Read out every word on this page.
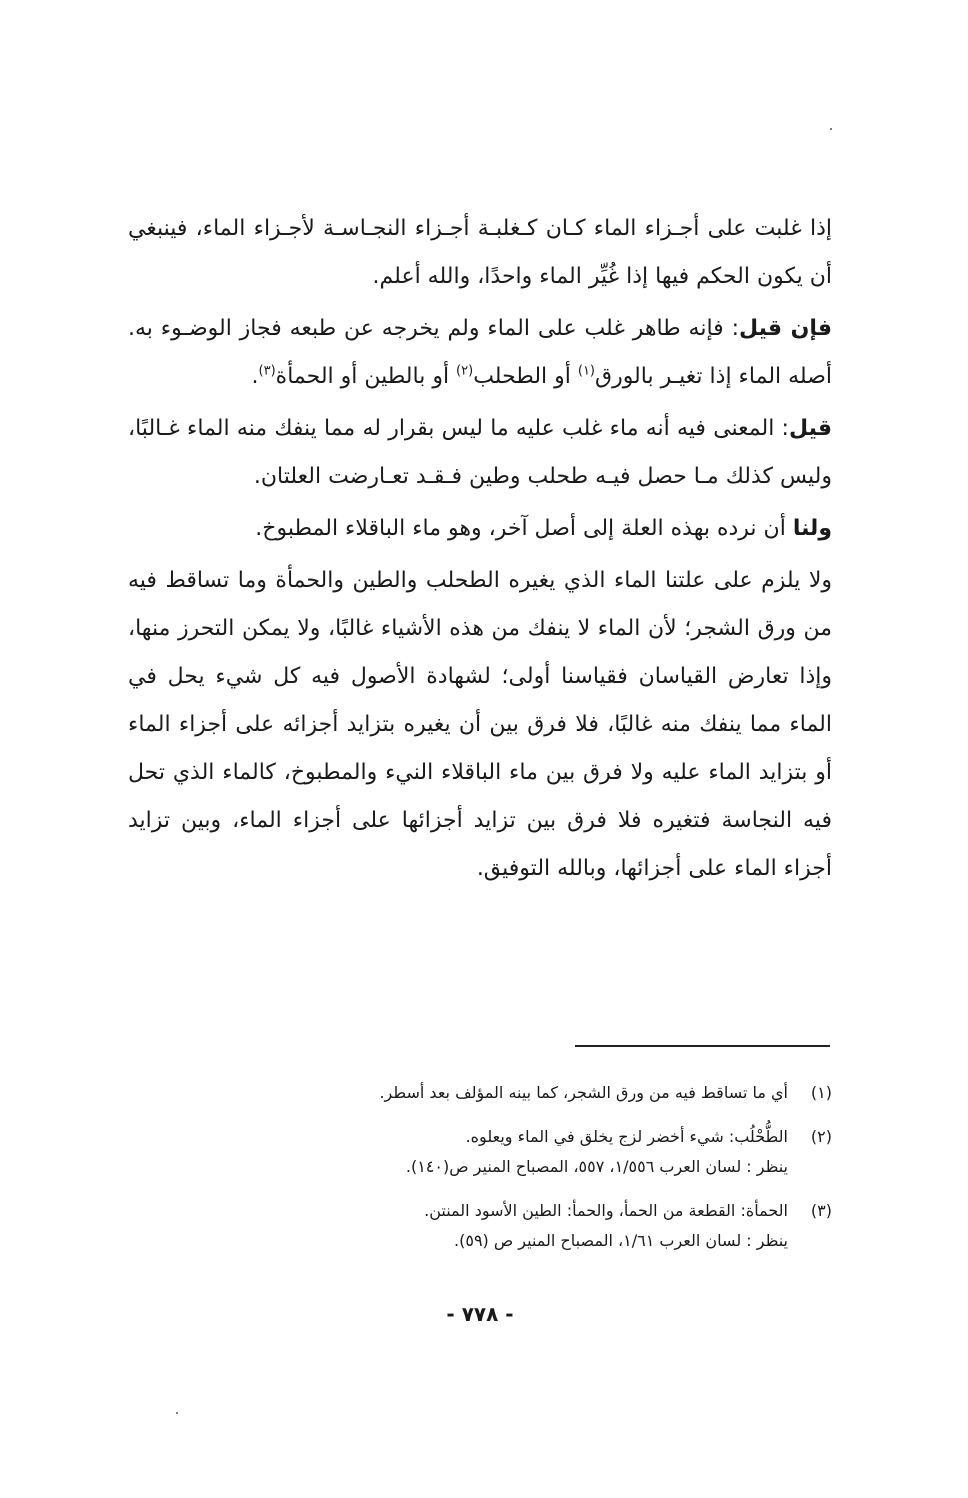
إذا غلبت على أجـزاء الماء كـان كـغلبـة أجـزاء النجـاسـة لأجـزاء الماء، فينبغي أن يكون الحكم فيها إذا غُيِّر الماء واحدًا، والله أعلم.

فإن قيل: فإنه طاهر غلب على الماء ولم يخرجه عن طبعه فجاز الوضـوء به. أصله الماء إذا تغيـر بالورق$^{(١)}$ أو الطحلب$^{(٢)}$ أو بالطين أو الحمأة$^{(٣)}$.

قيل: المعنى فيه أنه ماء غلب عليه ما ليس بقرار له مما ينفك منه الماء غـالبًا، وليس كذلك مـا حصل فيـه طحلب وطين فـقـد تعـارضت العلتان.

ولنا أن نرده بهذه العلة إلى أصل آخر، وهو ماء الباقلاء المطبوخ.

ولا يلزم على علتنا الماء الذي يغيره الطحلب والطين والحمأة وما تساقط فيه من ورق الشجر؛ لأن الماء لا ينفك من هذه الأشياء غالبًا، ولا يمكن التحرز منها، وإذا تعارض القياسان فقياسنا أولى؛ لشهادة الأصول فيه كل شيء يحل في الماء مما ينفك منه غالبًا، فلا فرق بين أن يغيره بتزايد أجزائه على أجزاء الماء أو بتزايد الماء عليه ولا فرق بين ماء الباقلاء النيء والمطبوخ، كالماء الذي تحل فيه النجاسة فتغيره فلا فرق بين تزايد أجزائها على أجزاء الماء، وبين تزايد أجزاء الماء على أجزائها، وبالله التوفيق.

(١)
أي ما تساقط فيه من ورق الشجر، كما بينه المؤلف بعد أسطر.
(٢)
الطُّحْلُب: شيء أخضر لزج يخلق في الماء ويعلوه.
ينظر : لسان العرب ١/٥٥٦، ٥٥٧، المصباح المنير ص(١٤٠).
(٣)
الحمأة: القطعة من الحمأ، والحمأ: الطين الأسود المنتن.
ينظر : لسان العرب ١/٦١، المصباح المنير ص (٥٩).
- ٧٧٨ -
